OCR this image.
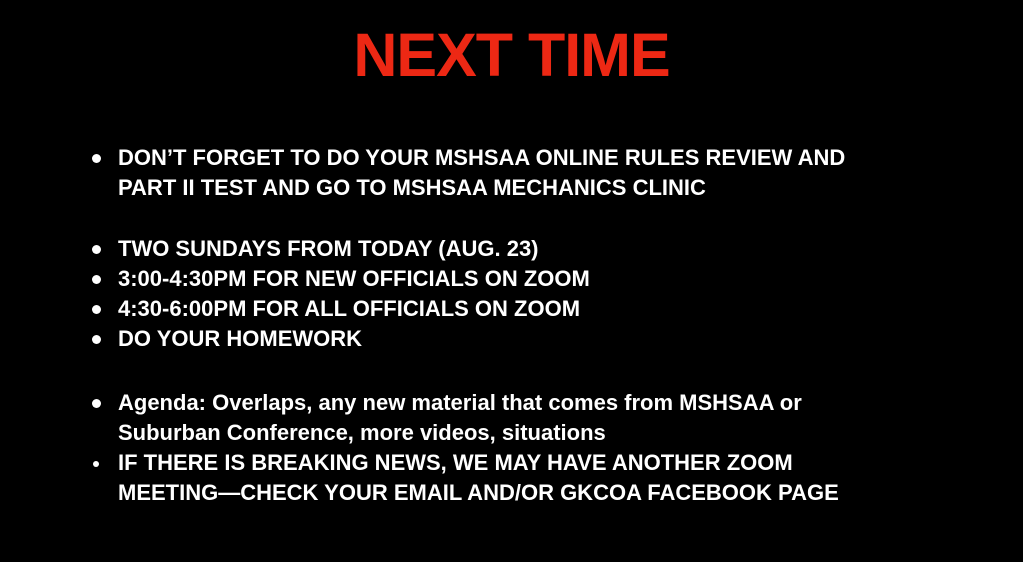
NEXT TIME
DON’T FORGET TO DO YOUR MSHSAA ONLINE RULES REVIEW AND
PART II TEST AND GO TO MSHSAA MECHANICS CLINIC
TWO SUNDAYS FROM TODAY (AUG. 23)
3:00-4:30PM FOR NEW OFFICIALS ON ZOOM
4:30-6:00PM FOR ALL OFFICIALS ON ZOOM
DO YOUR HOMEWORK
Agenda: Overlaps, any new material that comes from MSHSAA or
Suburban Conference, more videos, situations
IF THERE IS BREAKING NEWS, WE MAY HAVE ANOTHER ZOOM
MEETING—CHECK YOUR EMAIL AND/OR GKCOA FACEBOOK PAGE
